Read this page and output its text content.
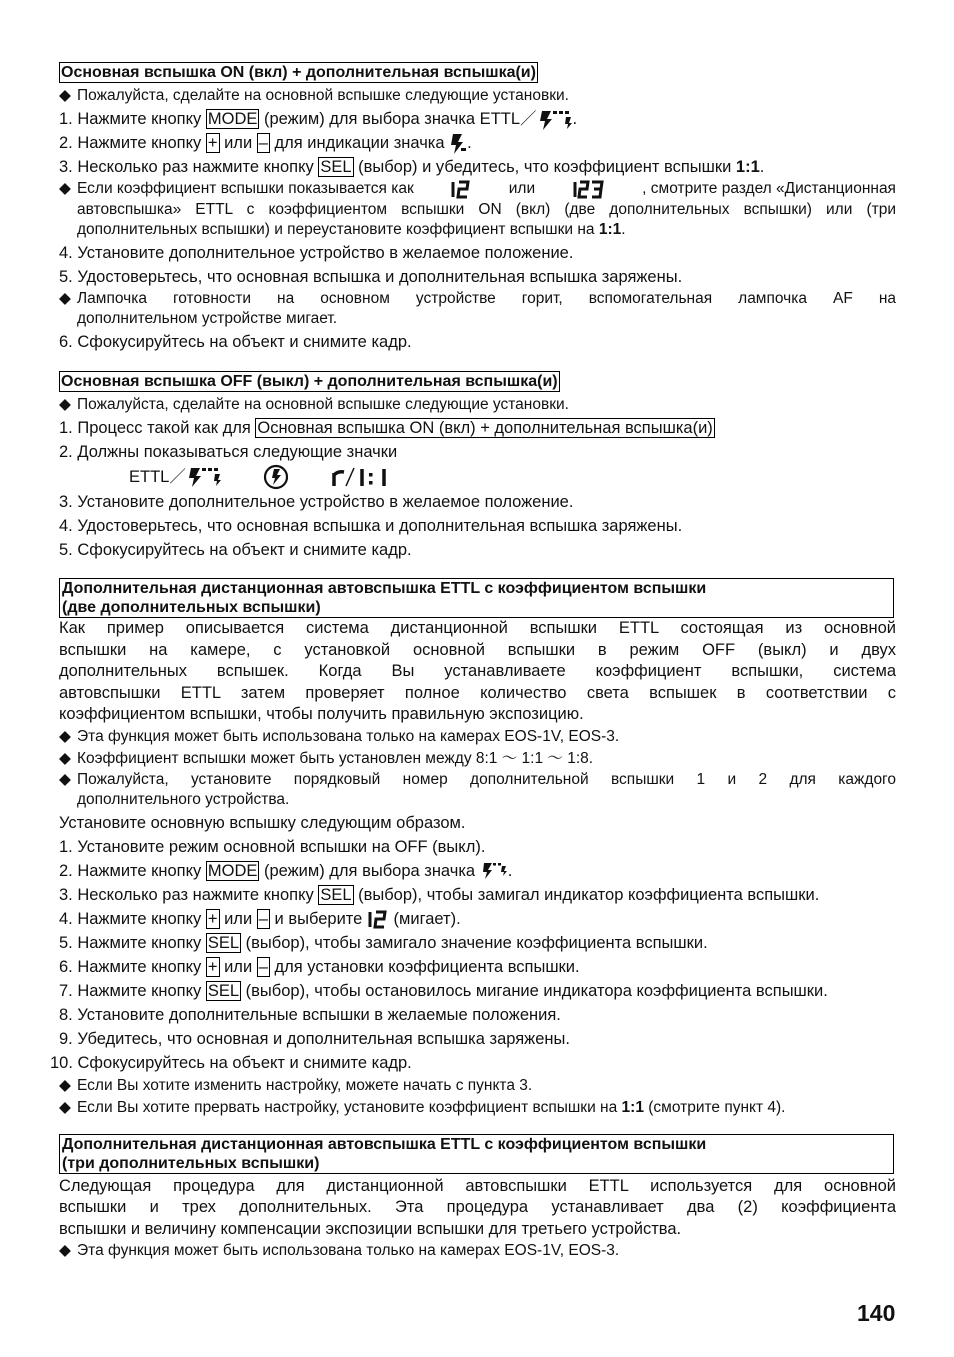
Основная вспышка ON (вкл) + дополнительная вспышка(и)
◆ Пожалуйста, сделайте на основной вспышке следующие установки.
1. Нажмите кнопку MODE (режим) для выбора значка ETTL／ .
2. Нажмите кнопку + или – для индикации значка .
3. Несколько раз нажмите кнопку SEL (выбор) и убедитесь, что коэффициент вспышки 1:1.
◆ Если коэффициент вспышки показывается как	или	, смотрите раздел «Дистанционная
автовспышка» ETTL с коэффициентом вспышки ON (вкл) (две дополнительных вспышки) или (три
дополнительных вспышки) и переустановите коэффициент вспышки на 1:1.
4. Установите дополнительное устройство в желаемое положение.
5. Удостоверьтесь, что основная вспышка и дополнительная вспышка заряжены.
◆ Лампочка готовности на основном устройстве горит, вспомогательная лампочка AF на
дополнительном устройстве мигает.
6. Сфокусируйтесь на объект и снимите кадр.
Основная вспышка OFF (выкл) + дополнительная вспышка(и)
◆ Пожалуйста, сделайте на основной вспышке следующие установки.
1. Процесс такой как для Основная вспышка ON (вкл) + дополнительная вспышка(и)
2. Должны показываться следующие значки
ETTL／
3. Установите дополнительное устройство в желаемое положение.
4. Удостоверьтесь, что основная вспышка и дополнительная вспышка заряжены.
5. Сфокусируйтесь на объект и снимите кадр.
Дополнительная дистанционная автовспышка ETTL с коэффициентом вспышки
(две дополнительных вспышки)
Как пример описывается система дистанционной вспышки ETTL состоящая из основной
вспышки на камере, с установкой основной вспышки в режим OFF (выкл) и двух
дополнительных вспышек. Когда Вы устанавливаете коэффициент вспышки, система
автовспышки ETTL затем проверяет полное количество света вспышек в соответствии с
коэффициентом вспышки, чтобы получить правильную экспозицию.
◆ Эта функция может быть использована только на камерах EOS-1V, EOS-3.
◆ Коэффициент вспышки может быть установлен между 8:1 〜 1:1 〜 1:8.
◆ Пожалуйста, установите порядковый номер дополнительной вспышки 1 и 2 для каждого
дополнительного устройства.
Установите основную вспышку следующим образом.
1. Установите режим основной вспышки на OFF (выкл).
2. Нажмите кнопку MODE (режим) для выбора значка .
3. Несколько раз нажмите кнопку SEL (выбор), чтобы замигал индикатор коэффициента вспышки.
4. Нажмите кнопку + или – и выберите (мигает).
5. Нажмите кнопку SEL (выбор), чтобы замигало значение коэффициента вспышки.
6. Нажмите кнопку + или – для установки коэффициента вспышки.
7. Нажмите кнопку SEL (выбор), чтобы остановилось мигание индикатора коэффициента вспышки.
8. Установите дополнительные вспышки в желаемые положения.
9. Убедитесь, что основная и дополнительная вспышка заряжены.
10. Сфокусируйтесь на объект и снимите кадр.
◆ Если Вы хотите изменить настройку, можете начать с пункта 3.
◆ Если Вы хотите прервать настройку, установите коэффициент вспышки на 1:1 (смотрите пункт 4).
Дополнительная дистанционная автовспышка ETTL с коэффициентом вспышки
(три дополнительных вспышки)
Следующая процедура для дистанционной автовспышки ETTL используется для основной
вспышки и трех дополнительных. Эта процедура устанавливает два (2) коэффициента
вспышки и величину компенсации экспозиции вспышки для третьего устройства.
◆ Эта функция может быть использована только на камерах EOS-1V, EOS-3.
140
